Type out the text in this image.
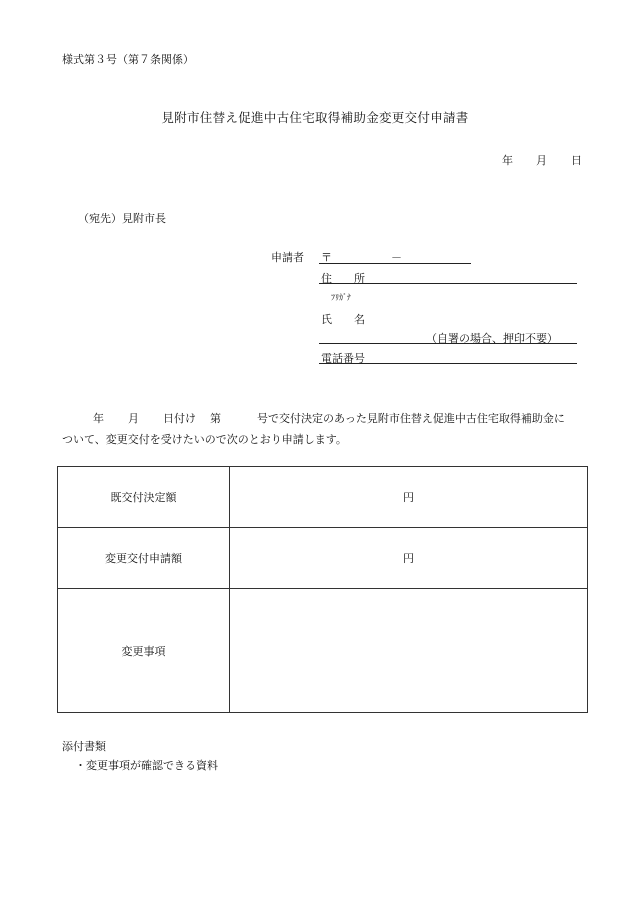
様式第３号（第７条関係）
見附市住替え促進中古住宅取得補助金変更交付申請書
年 月 日
（宛先）見附市長
申請者 〒	－
住　　所
ﾌﾘｶﾞﾅ
氏　　名
（自署の場合、押印不要）
電話番号
年 月 日付け 第	号で交付決定のあった見附市住替え促進中古住宅取得補助金に
ついて、変更交付を受けたいので次のとおり申請します。
既交付決定額	円
変更交付申請額	円
変更事項	
添付書類
・変更事項が確認できる資料
